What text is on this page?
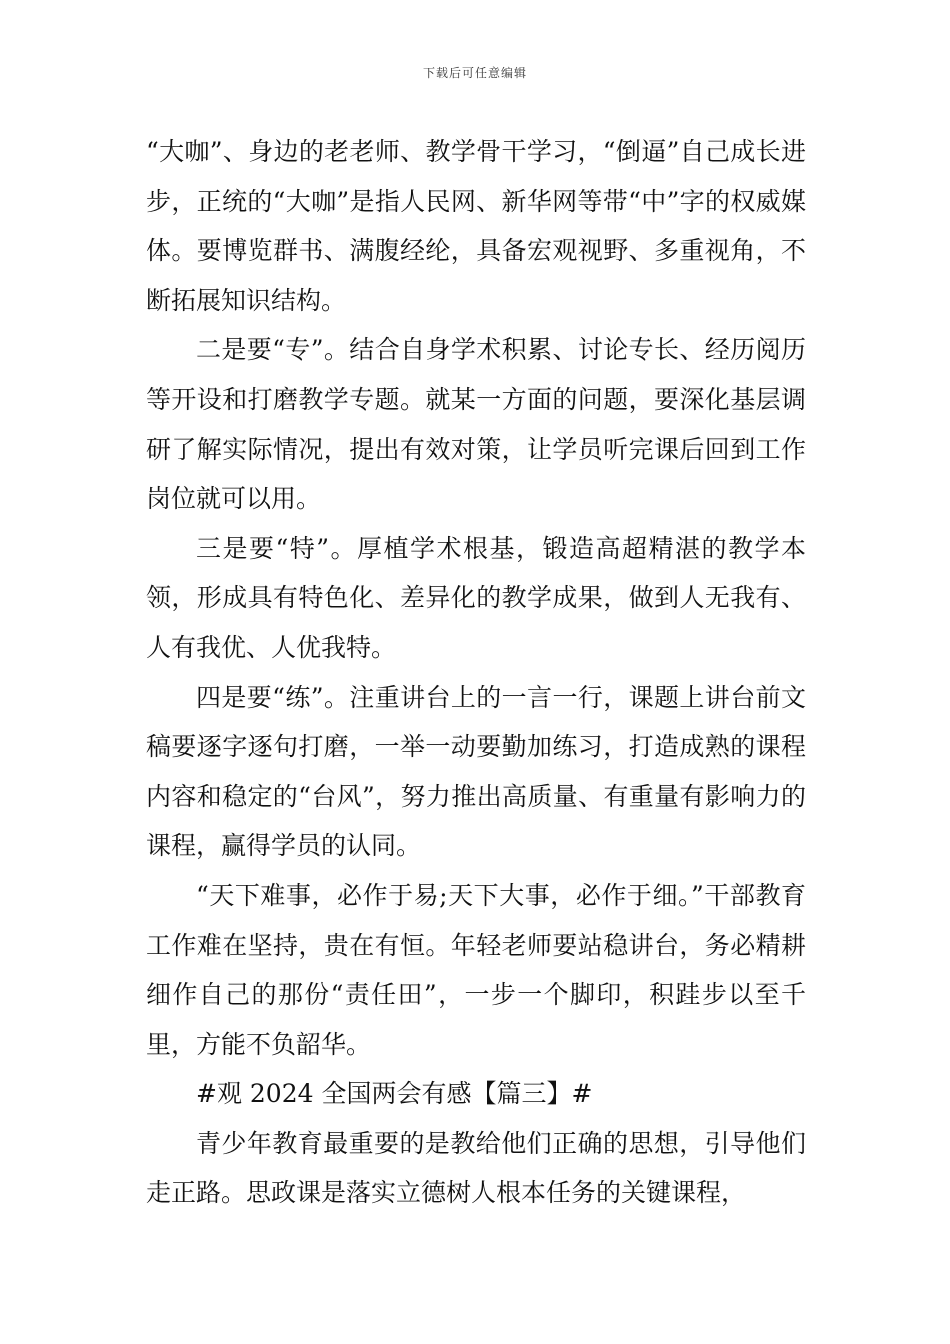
下载后可任意编辑

“大咖”、身边的老老师、教学骨干学习，“倒逼”自己成长进步，正统的“大咖”是指人民网、新华网等带“中”字的权威媒体。要博览群书、满腹经纶，具备宏观视野、多重视角，不断拓展知识结构。

二是要“专”。结合自身学术积累、讨论专长、经历阅历等开设和打磨教学专题。就某一方面的问题，要深化基层调研了解实际情况，提出有效对策，让学员听完课后回到工作岗位就可以用。

三是要“特”。厚植学术根基，锻造高超精湛的教学本领，形成具有特色化、差异化的教学成果，做到人无我有、人有我优、人优我特。

四是要“练”。注重讲台上的一言一行，课题上讲台前文稿要逐字逐句打磨，一举一动要勤加练习，打造成熟的课程内容和稳定的“台风”，努力推出高质量、有重量有影响力的课程，赢得学员的认同。

“天下难事，必作于易;天下大事，必作于细。”干部教育工作难在坚持，贵在有恒。年轻老师要站稳讲台，务必精耕细作自己的那份“责任田”，一步一个脚印，积跬步以至千里，方能不负韶华。

#观 2024 全国两会有感【篇三】#

青少年教育最重要的是教给他们正确的思想，引导他们走正路。思政课是落实立德树人根本任务的关键课程，
